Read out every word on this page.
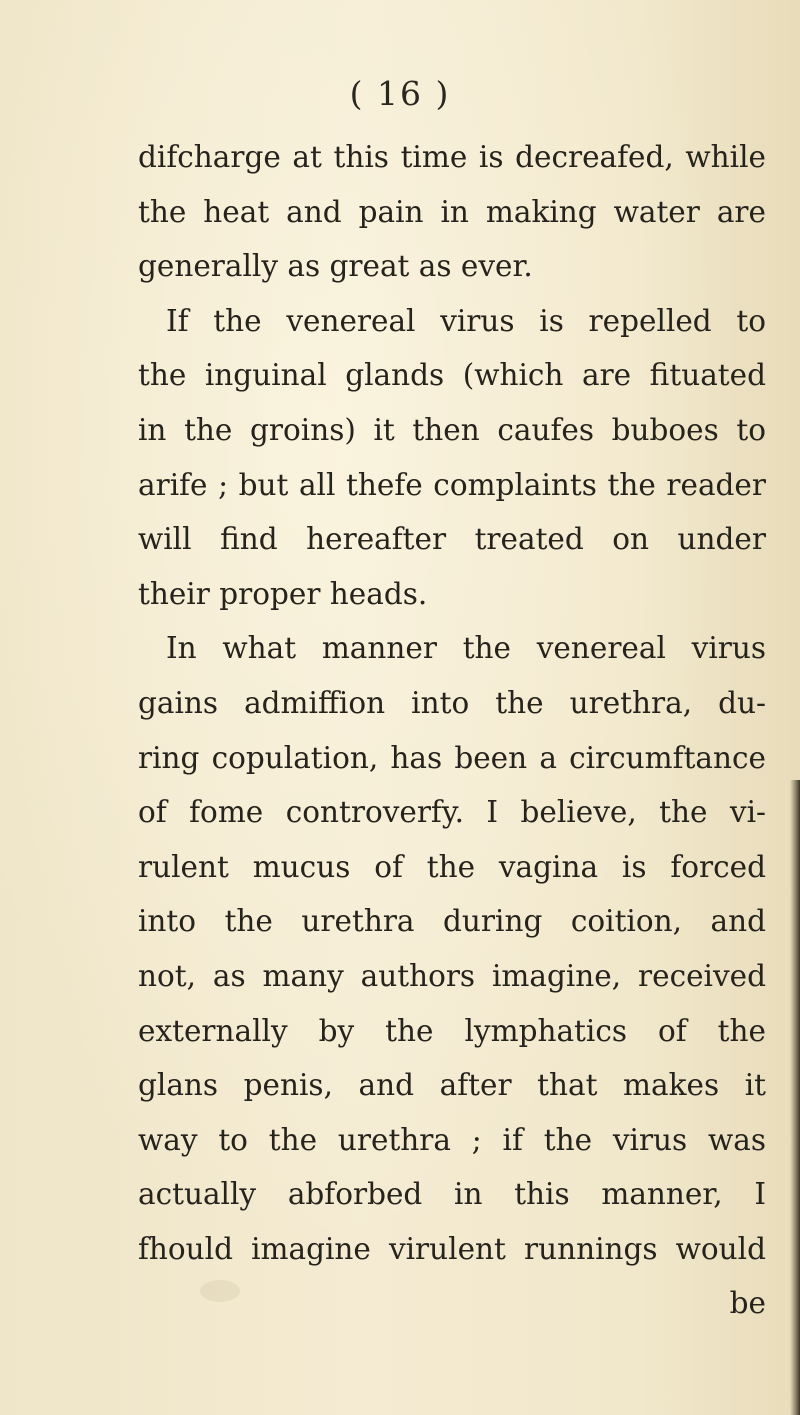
( 16 )
difcharge at this time is decreafed, while
the heat and pain in making water are
generally as great as ever.
If the venereal virus is repelled to
the inguinal glands (which are fituated
in the groins) it then caufes buboes to
arife ; but all thefe complaints the reader
will find hereafter treated on under
their proper heads.
In what manner the venereal virus
gains admiffion into the urethra, du-
ring copulation, has been a circumftance
of fome controverfy. I believe, the vi-
rulent mucus of the vagina is forced
into the urethra during coition, and
not, as many authors imagine, received
externally by the lymphatics of the
glans penis, and after that makes it
way to the urethra ; if the virus was
actually abforbed in this manner, I
fhould imagine virulent runnings would
be
